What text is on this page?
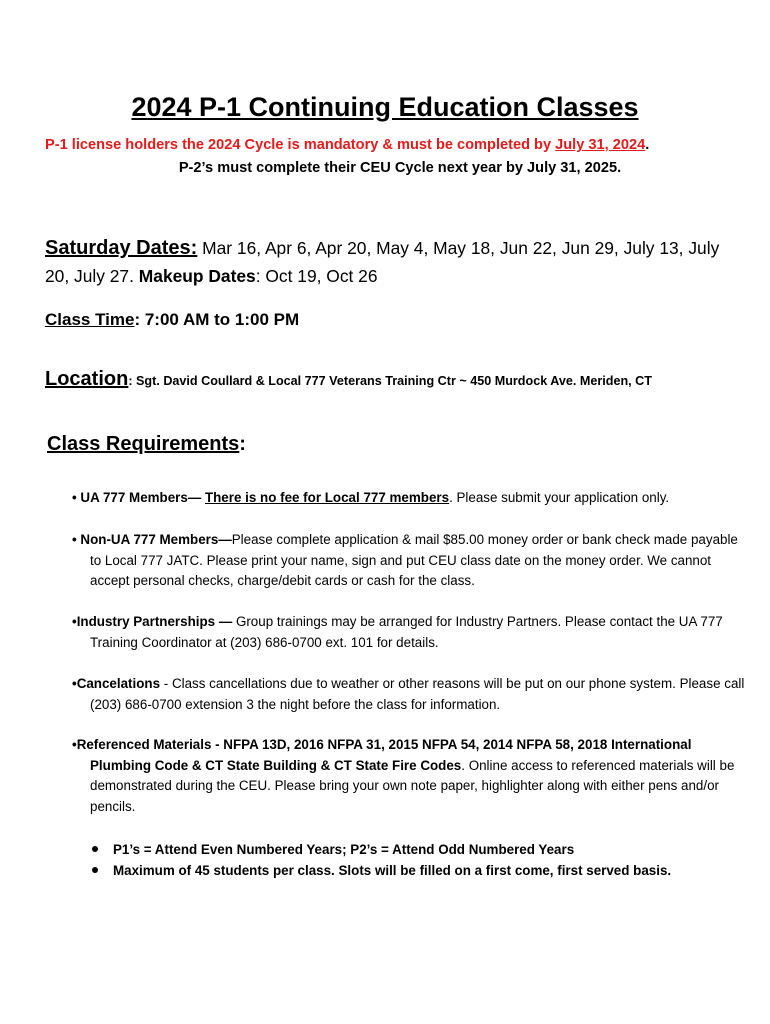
2024 P-1 Continuing Education Classes
P-1 license holders the 2024 Cycle is mandatory & must be completed by July 31, 2024.
P-2’s must complete their CEU Cycle next year by July 31, 2025.
Saturday Dates: Mar 16, Apr 6, Apr 20, May 4, May 18, Jun 22, Jun 29, July 13, July 20, July 27. Makeup Dates: Oct 19, Oct 26
Class Time: 7:00 AM to 1:00 PM
Location: Sgt. David Coullard & Local 777 Veterans Training Ctr ~ 450 Murdock Ave. Meriden, CT
Class Requirements:
• UA 777 Members— There is no fee for Local 777 members. Please submit your application only.
• Non-UA 777 Members—Please complete application & mail $85.00 money order or bank check made payable to Local 777 JATC. Please print your name, sign and put CEU class date on the money order. We cannot accept personal checks, charge/debit cards or cash for the class.
•Industry Partnerships — Group trainings may be arranged for Industry Partners. Please contact the UA 777 Training Coordinator at (203) 686-0700 ext. 101 for details.
•Cancelations - Class cancellations due to weather or other reasons will be put on our phone system. Please call (203) 686-0700 extension 3 the night before the class for information.
•Referenced Materials - NFPA 13D, 2016 NFPA 31, 2015 NFPA 54, 2014 NFPA 58, 2018 International Plumbing Code & CT State Building & CT State Fire Codes. Online access to referenced materials will be demonstrated during the CEU. Please bring your own note paper, highlighter along with either pens and/or pencils.
P1’s = Attend Even Numbered Years; P2’s = Attend Odd Numbered Years
Maximum of 45 students per class. Slots will be filled on a first come, first served basis.
